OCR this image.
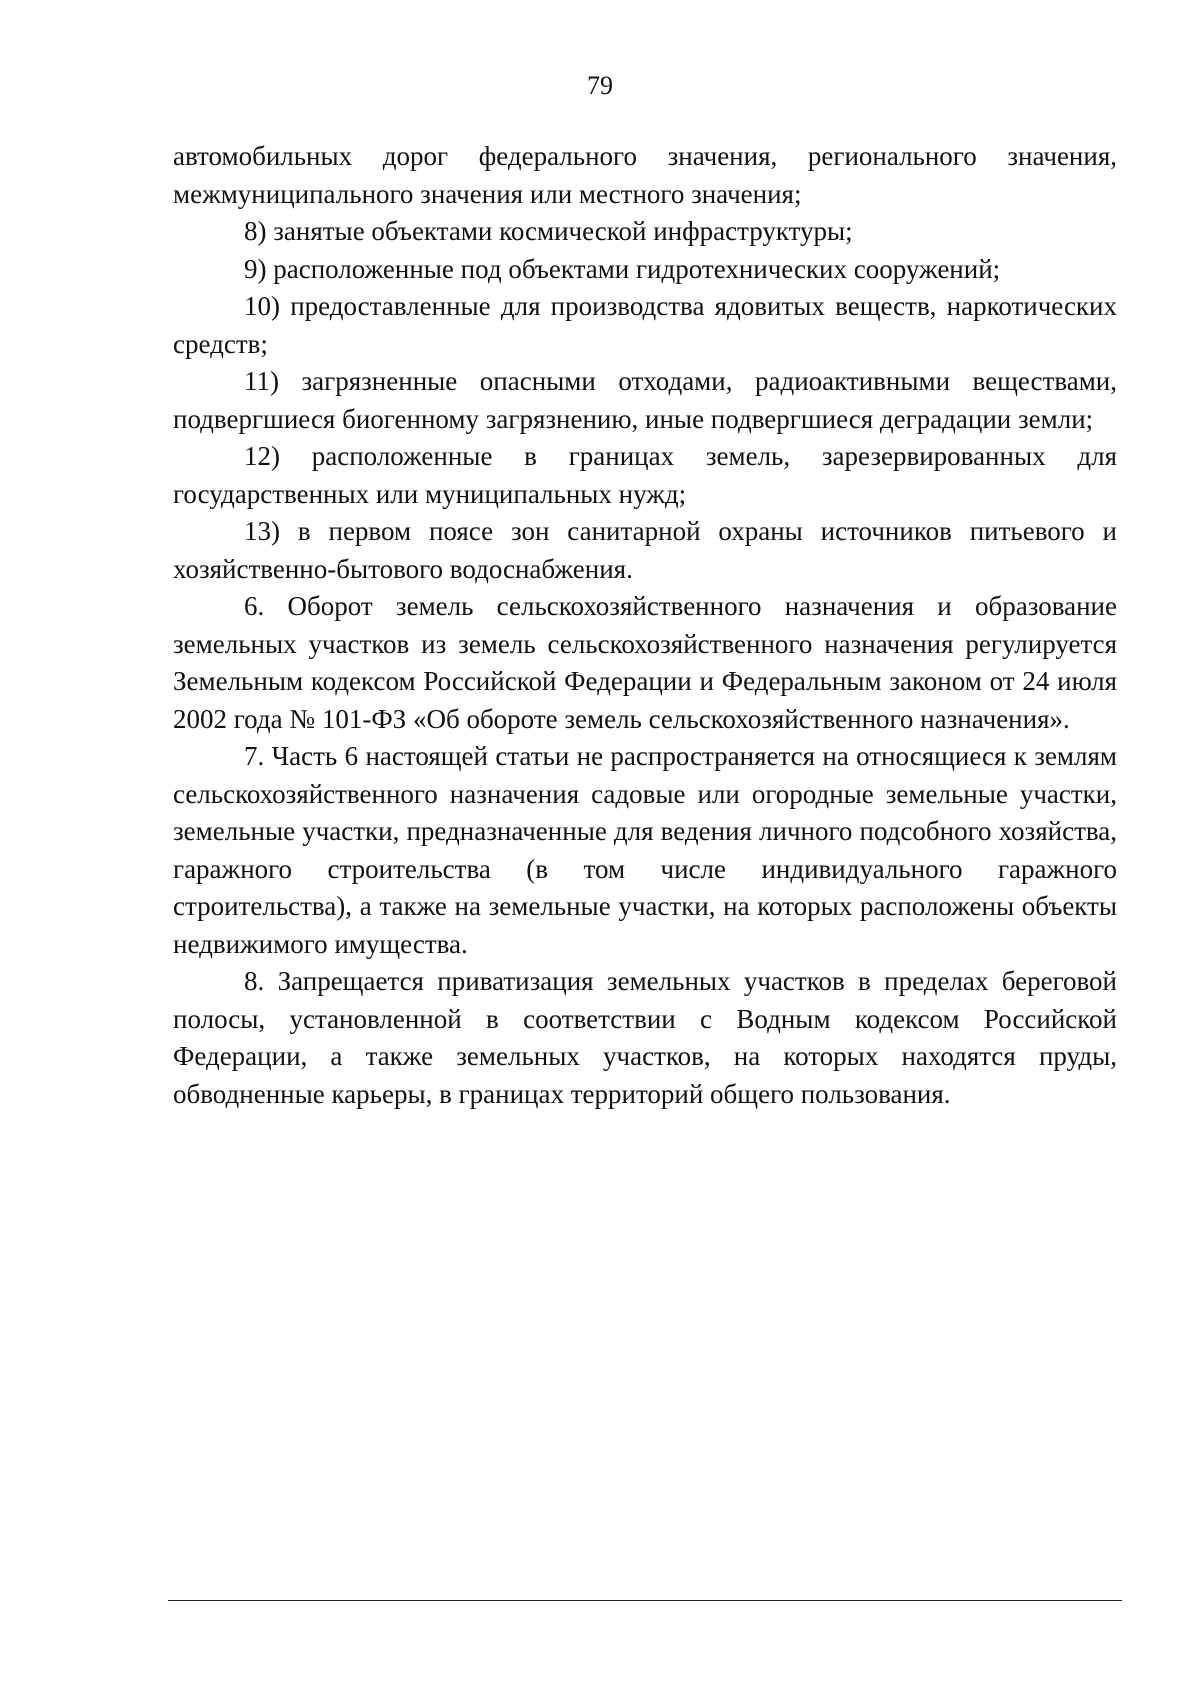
79

автомобильных дорог федерального значения, регионального значения, межмуниципального значения или местного значения;

8) занятые объектами космической инфраструктуры;

9) расположенные под объектами гидротехнических сооружений;

10) предоставленные для производства ядовитых веществ, наркотических средств;

11) загрязненные опасными отходами, радиоактивными веществами, подвергшиеся биогенному загрязнению, иные подвергшиеся деградации земли;

12) расположенные в границах земель, зарезервированных для государственных или муниципальных нужд;

13) в первом поясе зон санитарной охраны источников питьевого и хозяйственно-бытового водоснабжения.

6. Оборот земель сельскохозяйственного назначения и образование земельных участков из земель сельскохозяйственного назначения регулируется Земельным кодексом Российской Федерации и Федеральным законом от 24 июля 2002 года № 101-ФЗ «Об обороте земель сельскохозяйственного назначения».

7. Часть 6 настоящей статьи не распространяется на относящиеся к землям сельскохозяйственного назначения садовые или огородные земельные участки, земельные участки, предназначенные для ведения личного подсобного хозяйства, гаражного строительства (в том числе индивидуального гаражного строительства), а также на земельные участки, на которых расположены объекты недвижимого имущества.

8. Запрещается приватизация земельных участков в пределах береговой полосы, установленной в соответствии с Водным кодексом Российской Федерации, а также земельных участков, на которых находятся пруды, обводненные карьеры, в границах территорий общего пользования.
